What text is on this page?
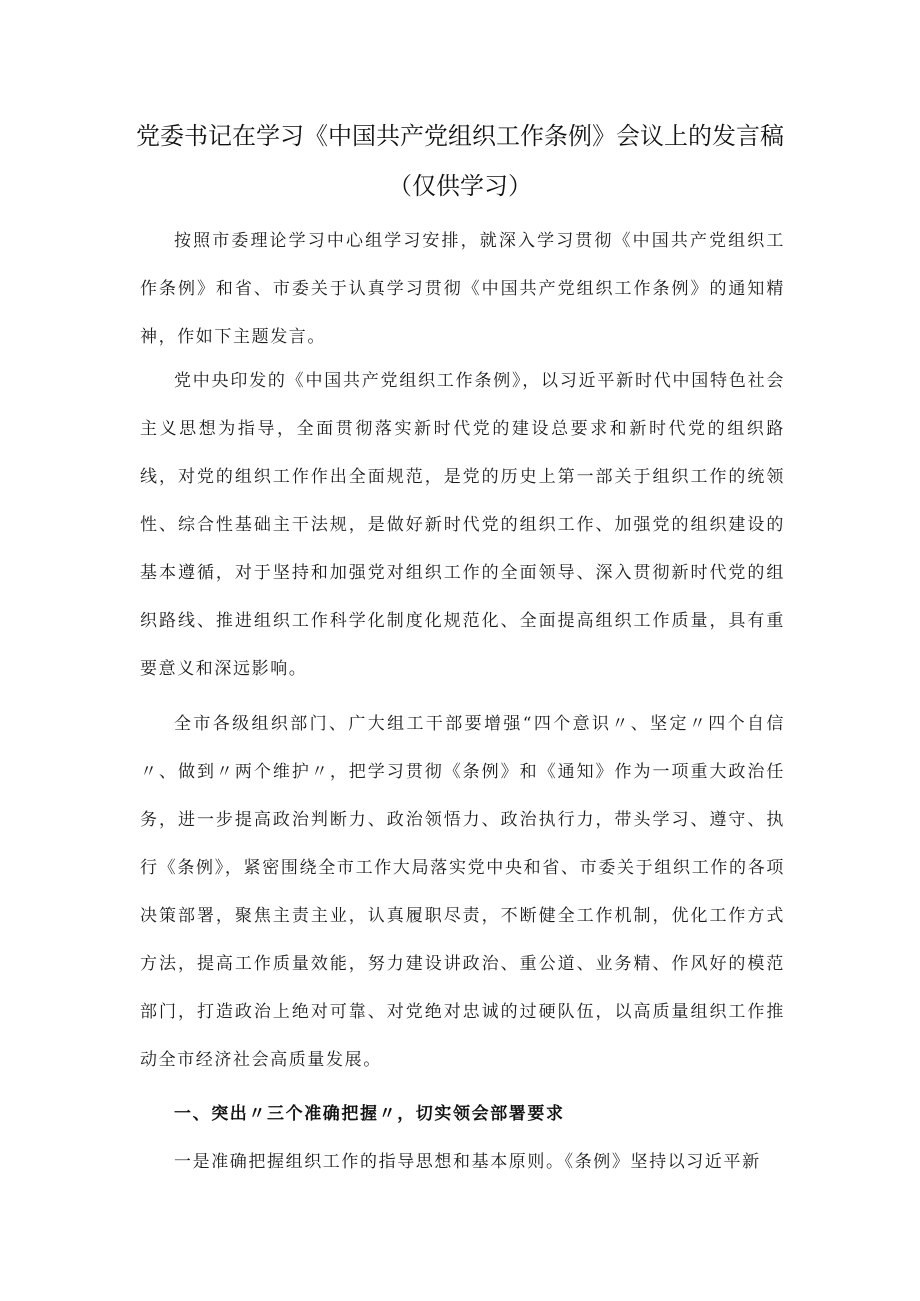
党委书记在学习《中国共产党组织工作条例》会议上的发言稿
（仅供学习）

按照市委理论学习中心组学习安排，就深入学习贯彻《中国共产党组织工作条例》和省、市委关于认真学习贯彻《中国共产党组织工作条例》的通知精神，作如下主题发言。

党中央印发的《中国共产党组织工作条例》，以习近平新时代中国特色社会主义思想为指导，全面贯彻落实新时代党的建设总要求和新时代党的组织路线，对党的组织工作作出全面规范，是党的历史上第一部关于组织工作的统领性、综合性基础主干法规，是做好新时代党的组织工作、加强党的组织建设的基本遵循，对于坚持和加强党对组织工作的全面领导、深入贯彻新时代党的组织路线、推进组织工作科学化制度化规范化、全面提高组织工作质量，具有重要意义和深远影响。

全市各级组织部门、广大组工干部要增强“四个意识〃、坚定〃四个自信〃、做到〃两个维护〃，把学习贯彻《条例》和《通知》作为一项重大政治任务，进一步提高政治判断力、政治领悟力、政治执行力，带头学习、遵守、执行《条例》，紧密围绕全市工作大局落实党中央和省、市委关于组织工作的各项决策部署，聚焦主责主业，认真履职尽责，不断健全工作机制，优化工作方式方法，提高工作质量效能，努力建设讲政治、重公道、业务精、作风好的模范部门，打造政治上绝对可靠、对党绝对忠诚的过硬队伍，以高质量组织工作推动全市经济社会高质量发展。

一、突出〃三个准确把握〃，切实领会部署要求

一是准确把握组织工作的指导思想和基本原则。《条例》坚持以习近平新
